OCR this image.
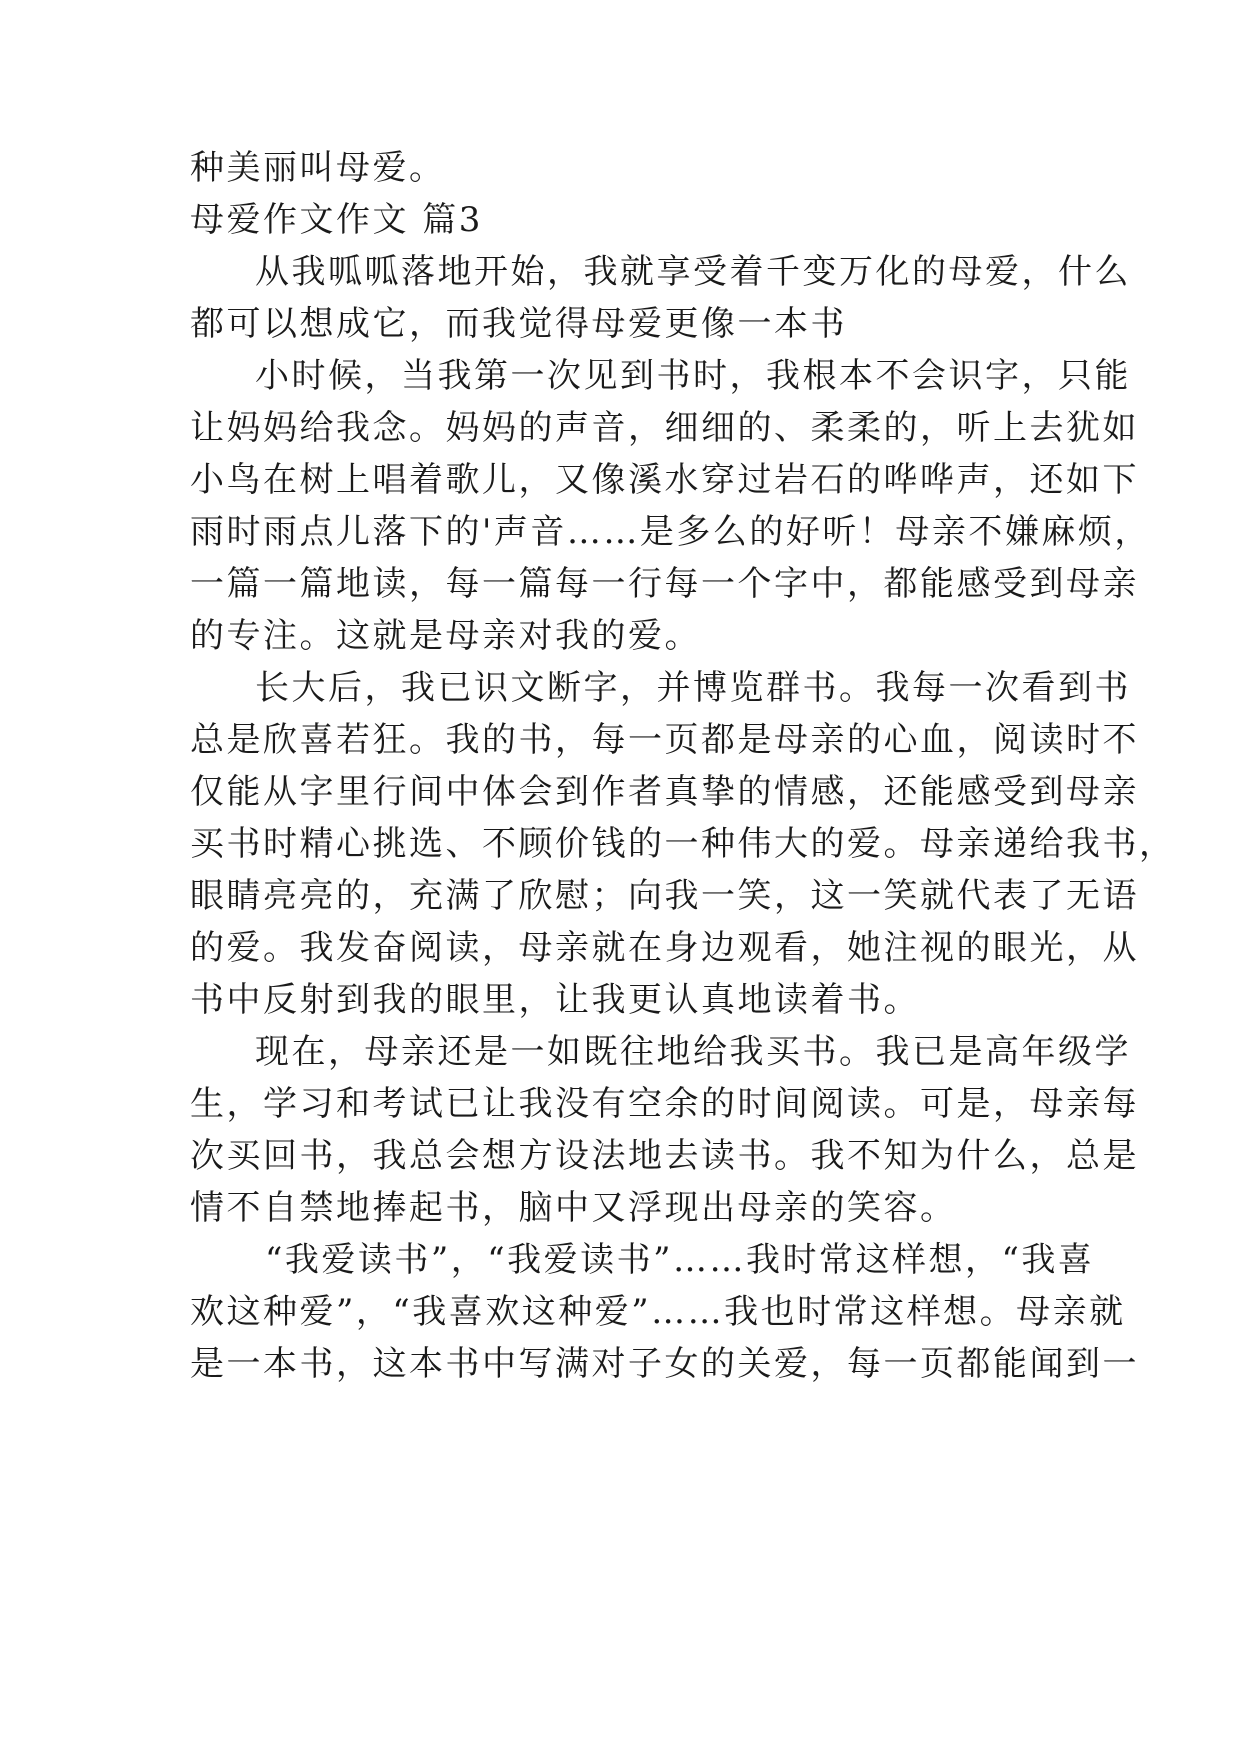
种美丽叫母爱。
母爱作文作文 篇3
从我呱呱落地开始，我就享受着千变万化的母爱，什么
都可以想成它，而我觉得母爱更像一本书
小时候，当我第一次见到书时，我根本不会识字，只能
让妈妈给我念。妈妈的声音，细细的、柔柔的，听上去犹如
小鸟在树上唱着歌儿，又像溪水穿过岩石的哗哗声，还如下
雨时雨点儿落下的'声音……是多么的好听！母亲不嫌麻烦，
一篇一篇地读，每一篇每一行每一个字中，都能感受到母亲
的专注。这就是母亲对我的爱。
长大后，我已识文断字，并博览群书。我每一次看到书
总是欣喜若狂。我的书，每一页都是母亲的心血，阅读时不
仅能从字里行间中体会到作者真挚的情感，还能感受到母亲
买书时精心挑选、不顾价钱的一种伟大的爱。母亲递给我书，
眼睛亮亮的，充满了欣慰；向我一笑，这一笑就代表了无语
的爱。我发奋阅读，母亲就在身边观看，她注视的眼光，从
书中反射到我的眼里，让我更认真地读着书。
现在，母亲还是一如既往地给我买书。我已是高年级学
生，学习和考试已让我没有空余的时间阅读。可是，母亲每
次买回书，我总会想方设法地去读书。我不知为什么，总是
情不自禁地捧起书，脑中又浮现出母亲的笑容。
“我爱读书”，“我爱读书”……我时常这样想，“我喜
欢这种爱”，“我喜欢这种爱”……我也时常这样想。母亲就
是一本书，这本书中写满对子女的关爱，每一页都能闻到一
